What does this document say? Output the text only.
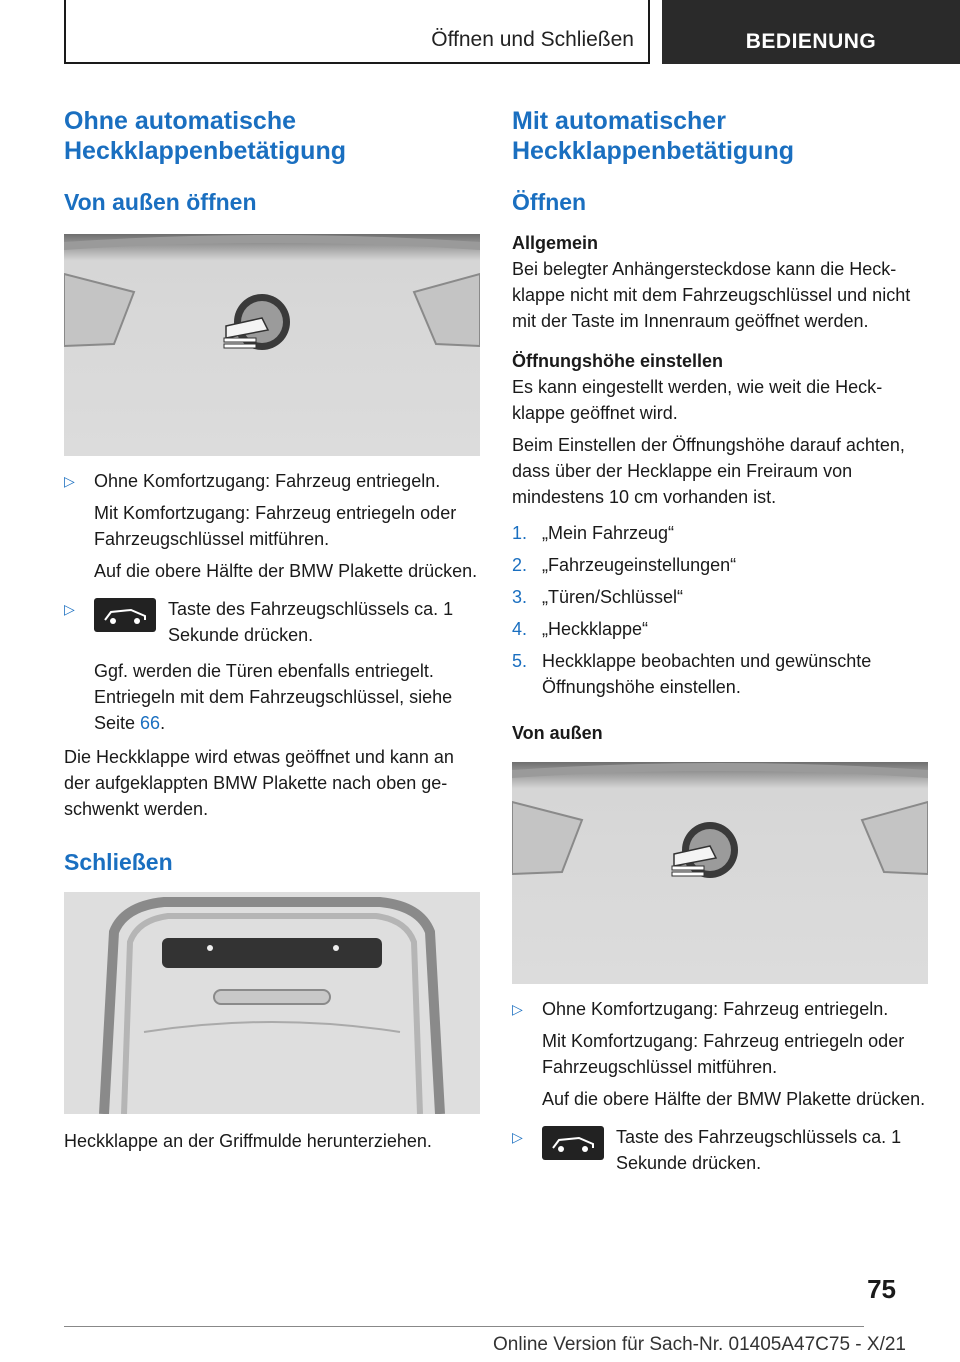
Öffnen und Schließen	BEDIENUNG
Ohne automatische Heckklappenbetätigung
Von außen öffnen
▷	Ohne Komfortzugang: Fahrzeug entriegeln.

Mit Komfortzugang: Fahrzeug entriegeln oder Fahrzeugschlüssel mitführen.

Auf die obere Hälfte der BMW Plakette drücken.

▷	Taste des Fahrzeugschlüssels ca. 1 Sekunde drücken.

Ggf. werden die Türen ebenfalls entriegelt. Entriegeln mit dem Fahrzeugschlüssel, siehe Seite 66.

Die Heckklappe wird etwas geöffnet und kann an der aufgeklappten BMW Plakette nach oben geschwenkt werden.

Schließen

Heckklappe an der Griffmulde herunterziehen.

Mit automatischer Heckklappenbetätigung
Öffnen
Allgemein

Bei belegter Anhängersteckdose kann die Heckklappe nicht mit dem Fahrzeugschlüssel und nicht mit der Taste im Innenraum geöffnet werden.

Öffnungshöhe einstellen

Es kann eingestellt werden, wie weit die Heckklappe geöffnet wird.

Beim Einstellen der Öffnungshöhe darauf achten, dass über der Hecklappe ein Freiraum von mindestens 10 cm vorhanden ist.

1. „Mein Fahrzeug“
2. „Fahrzeugeinstellungen“
3. „Türen/Schlüssel“
4. „Heckklappe“
5. Heckklappe beobachten und gewünschte Öffnungshöhe einstellen.
Von außen
▷	Ohne Komfortzugang: Fahrzeug entriegeln.

Mit Komfortzugang: Fahrzeug entriegeln oder Fahrzeugschlüssel mitführen.

Auf die obere Hälfte der BMW Plakette drücken.

▷	Taste des Fahrzeugschlüssels ca. 1 Sekunde drücken.

75
Online Version für Sach-Nr. 01405A47C75 - X/21
